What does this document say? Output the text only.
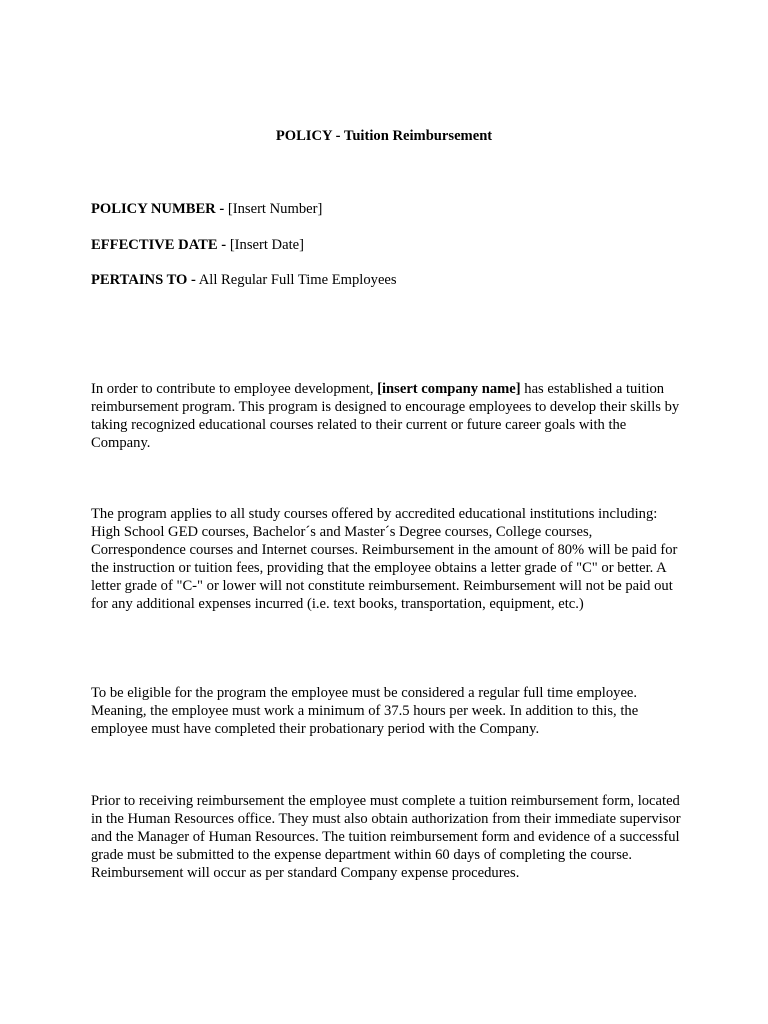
POLICY - Tuition Reimbursement

POLICY NUMBER - [Insert Number]

EFFECTIVE DATE - [Insert Date]

PERTAINS TO - All Regular Full Time Employees

In order to contribute to employee development, [insert company name] has established a tuition reimbursement program. This program is designed to encourage employees to develop their skills by taking recognized educational courses related to their current or future career goals with the Company.

The program applies to all study courses offered by accredited educational institutions including: High School GED courses, Bachelor´s and Master´s Degree courses, College courses, Correspondence courses and Internet courses. Reimbursement in the amount of 80% will be paid for the instruction or tuition fees, providing that the employee obtains a letter grade of "C" or better. A letter grade of "C-" or lower will not constitute reimbursement. Reimbursement will not be paid out for any additional expenses incurred (i.e. text books, transportation, equipment, etc.)

To be eligible for the program the employee must be considered a regular full time employee. Meaning, the employee must work a minimum of 37.5 hours per week. In addition to this, the employee must have completed their probationary period with the Company.

Prior to receiving reimbursement the employee must complete a tuition reimbursement form, located in the Human Resources office. They must also obtain authorization from their immediate supervisor and the Manager of Human Resources. The tuition reimbursement form and evidence of a successful grade must be submitted to the expense department within 60 days of completing the course. Reimbursement will occur as per standard Company expense procedures.
